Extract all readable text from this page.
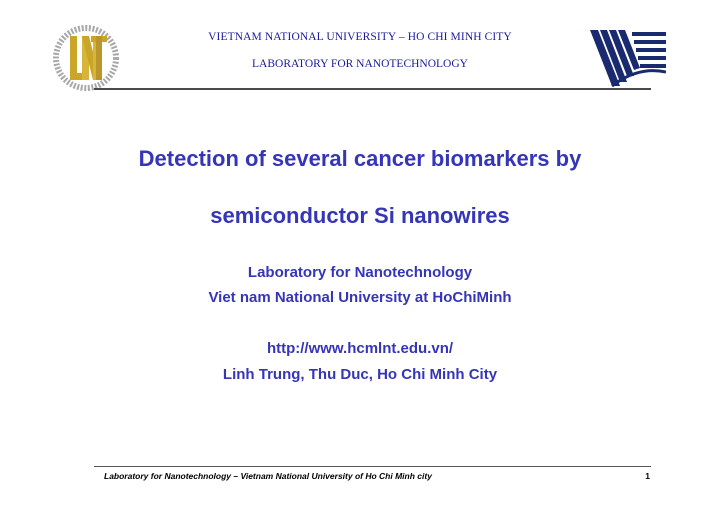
VIETNAM NATIONAL UNIVERSITY – HO CHI MINH CITY
LABORATORY FOR NANOTECHNOLOGY
Detection of several cancer biomarkers by
semiconductor Si nanowires
Laboratory for Nanotechnology
Viet nam National University at HoChiMinh
http://www.hcmlnt.edu.vn/
Linh Trung, Thu Duc, Ho Chi Minh City
Laboratory for Nanotechnology – Vietnam National University of Ho Chi Minh city	1
